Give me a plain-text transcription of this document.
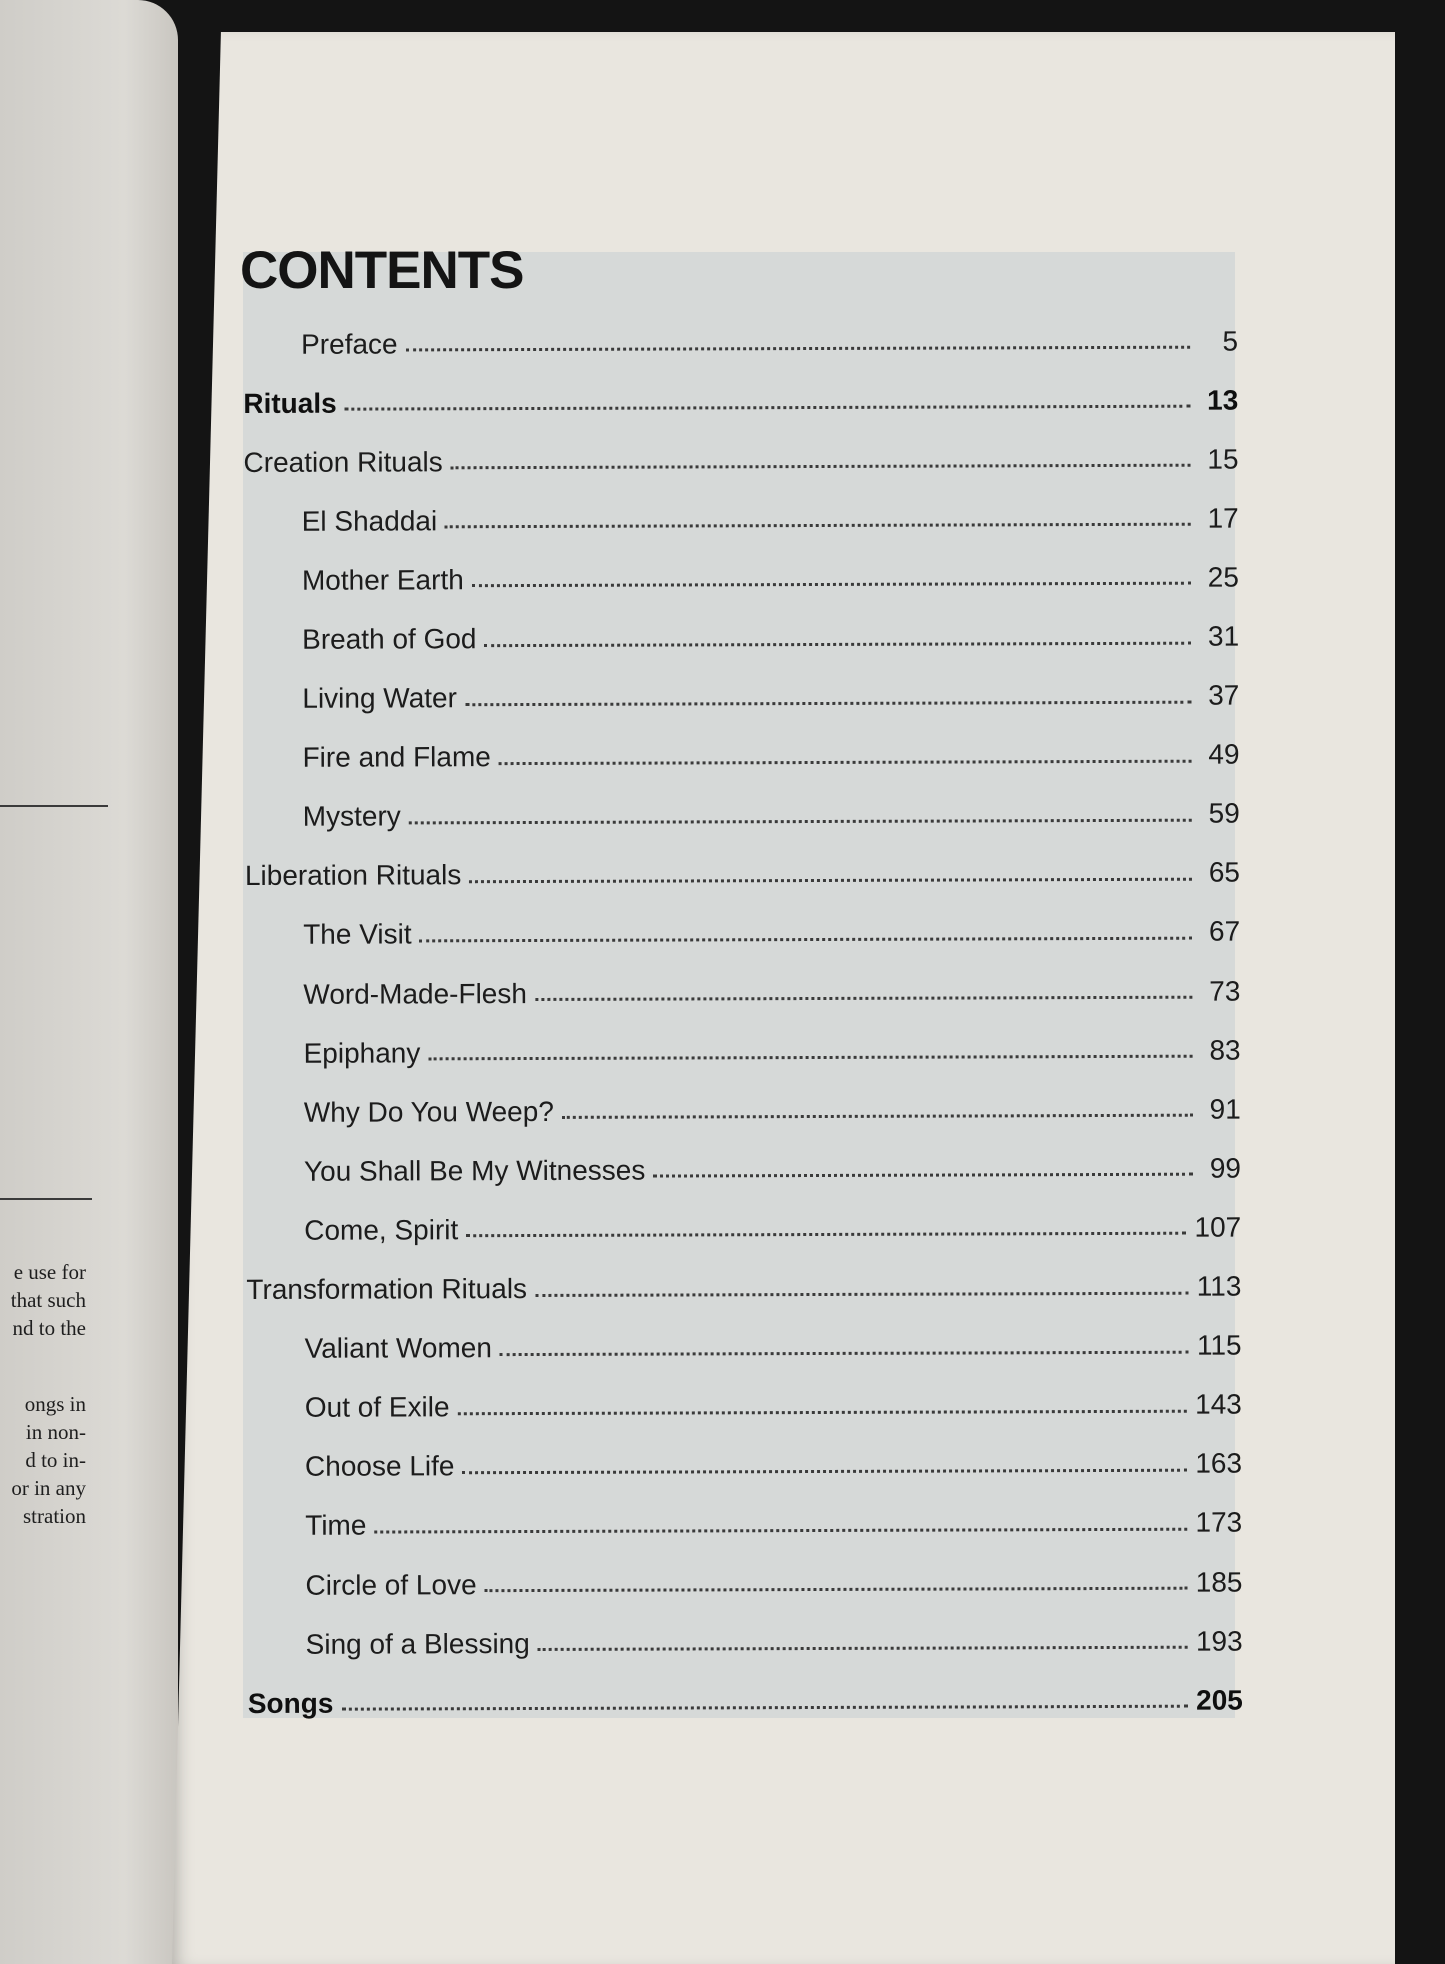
e use for
that such
nd to the
ongs in
in non-
d to in-
or in any
stration
CONTENTS
Preface	5
Rituals	13
Creation Rituals	15
El Shaddai	17
Mother Earth	25
Breath of God	31
Living Water	37
Fire and Flame	49
Mystery	59
Liberation Rituals	65
The Visit	67
Word-Made-Flesh	73
Epiphany	83
Why Do You Weep?	91
You Shall Be My Witnesses	99
Come, Spirit	107
Transformation Rituals	113
Valiant Women	115
Out of Exile	143
Choose Life	163
Time	173
Circle of Love	185
Sing of a Blessing	193
Songs	205
